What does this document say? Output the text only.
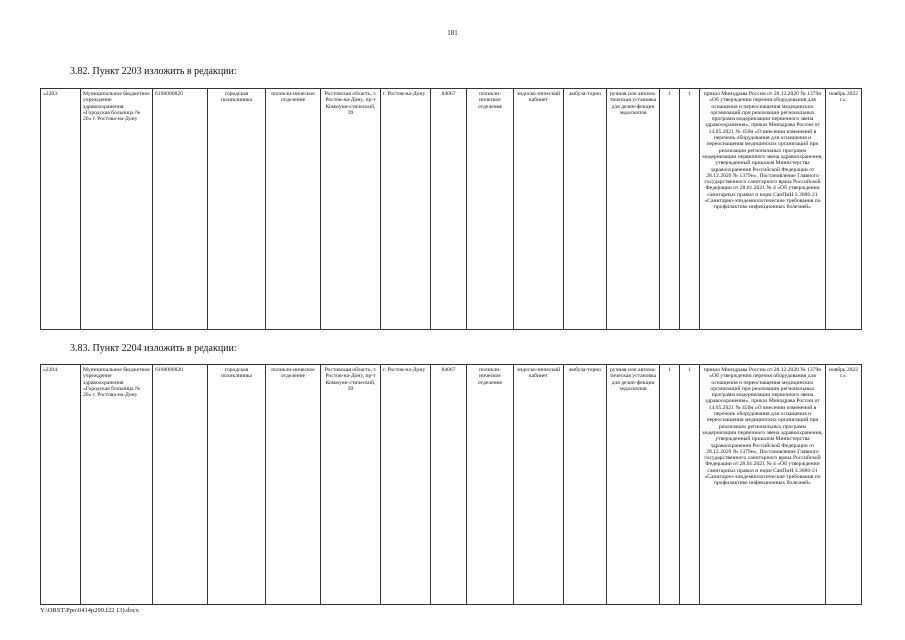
181
3.82. Пункт 2203 изложить в редакции:
«2203.	Муниципальное бюджетное учреждение здравоохранения «Городская больница № 20» г. Ростова-на-Дону	6168000820	городская поликлиника	поликли-ническое отделение	Ростовская область, г. Ростов-на-Дону, пр-т Коммуни-стический, 39	г. Ростов-на-Дону	84067	поликли-ническое отделение	эндоско-пический кабинет	амбула-торно	ручная или автома-тическая установка для дезин-фекции эндоскопов	1	1	приказ Минздрава России от 28.12.2020 № 1379н «Об утверждении перечня оборудования для оснащения и переоснащения медицинских организаций при реализации региональных программ модернизации первичного звена здравоохранения», приказ Минздрава России от 14.05.2021 № 450н «О внесении изменений в перечень оборудования для оснащения и переоснащения медицинских организаций при реализации региональных программ модернизации первичного звена здравоохранения, утвержденный приказом Министерства здравоохранения Российской Федерации от 28.12.2020 № 1379н», Постановление Главного государственного санитарного врача Российской Федерации от 28.01.2021 № 4 «Об утверждении санитарных правил и норм СанПиН 3.3686-21 «Санитарно-эпидемиологические требования по профилактике инфекционных болезней»	ноябрь 2022 г.».
3.83. Пункт 2204 изложить в редакции:
«2204.	Муниципальное бюджетное учреждение здравоохранения «Городская больница № 20» г. Ростова-на-Дону	6168000820	городская поликлиника	поликли-ническое отделение	Ростовская область, г. Ростов-на-Дону, пр-т Коммуни-стический, 39	г. Ростов-на-Дону	84067	поликли-ническое отделение	эндоско-пический кабинет	амбула-торно	ручная или автома-тическая установка для дезин-фекции эндоскопов	1	1	приказ Минздрава России от 28.12.2020 № 1379н «Об утверждении перечня оборудования для оснащения и переоснащения медицинских организаций при реализации региональных программ модернизации первичного звена здравоохранения», приказ Минздрава России от 14.05.2021 № 450н «О внесении изменений в перечень оборудования для оснащения и переоснащения медицинских организаций при реализации региональных программ модернизации первичного звена здравоохранения, утвержденный приказом Министерства здравоохранения Российской Федерации от 28.12.2020 № 1379н», Постановление Главного государственного санитарного врача Российской Федерации от 28.01.2021 № 4 «Об утверждении санитарных правил и норм СанПиН 3.3686-21 «Санитарно-эпидемиологические требования по профилактике инфекционных болезней»	ноябрь 2022 г.».
Y:\ORST\Ppo\0414p299.f22 13).docx
